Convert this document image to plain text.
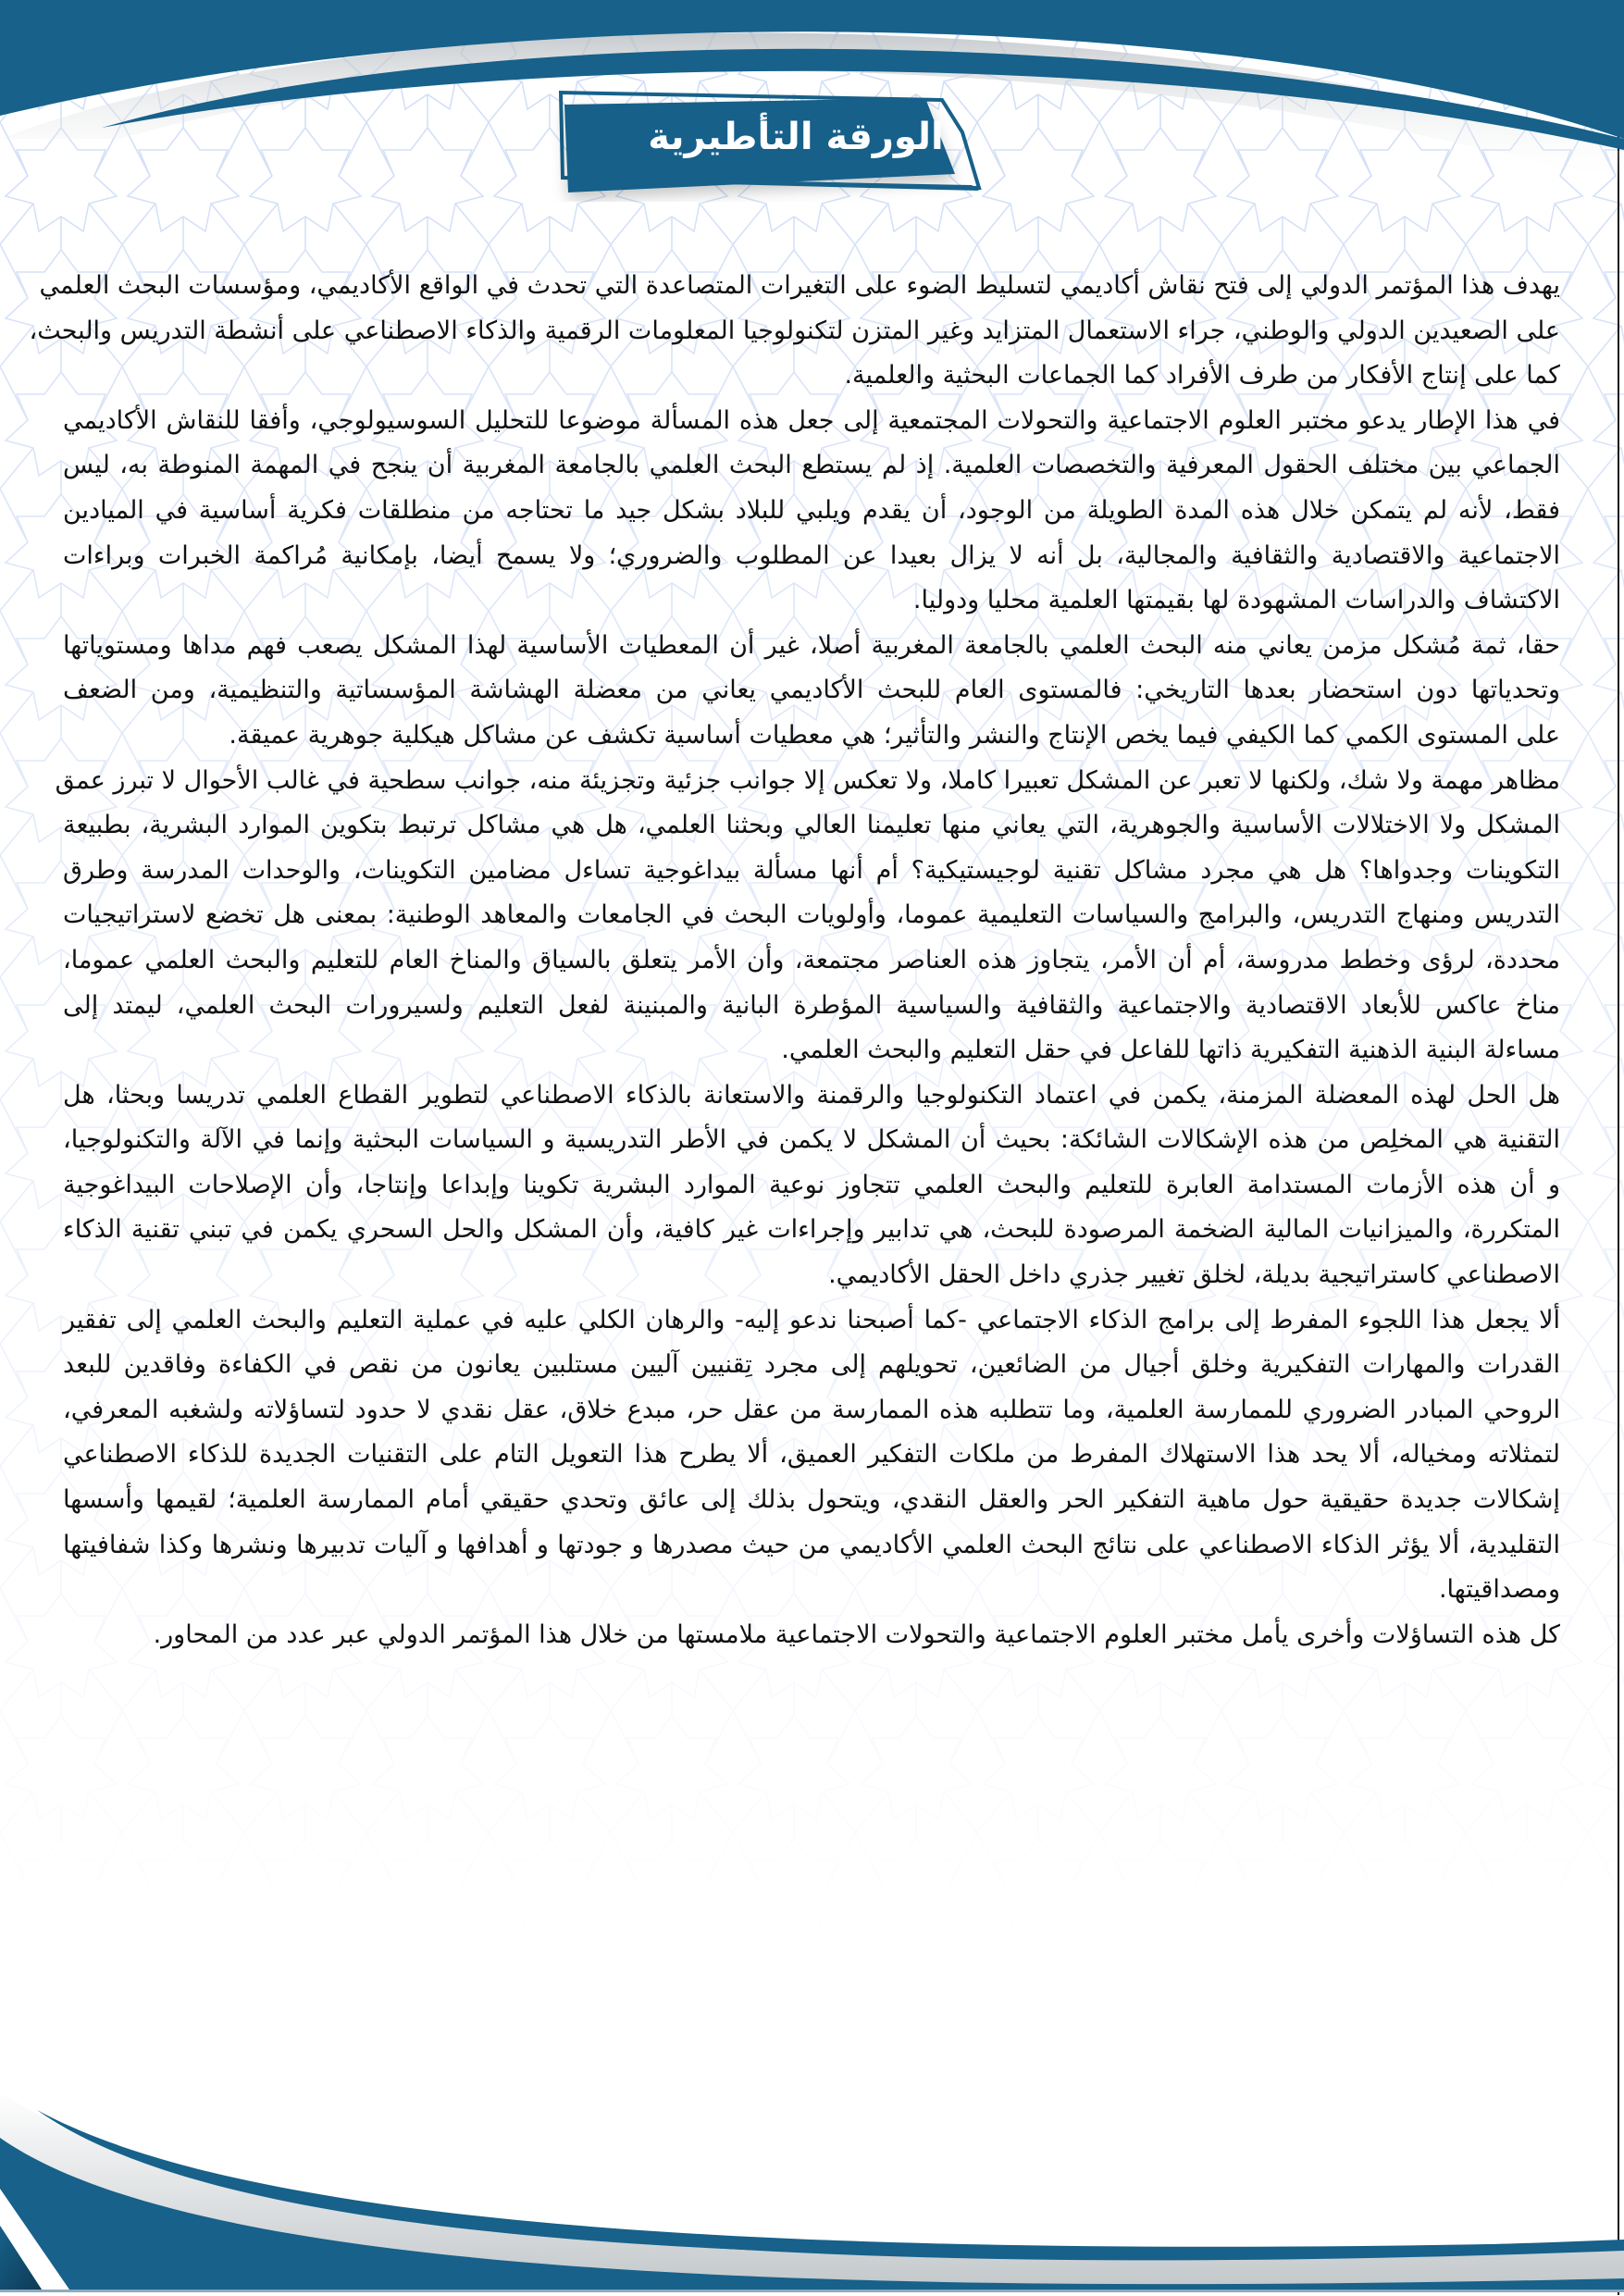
الورقة التأطيرية
يهدف هذا المؤتمر الدولي إلى فتح نقاش أكاديمي لتسليط الضوء على التغيرات المتصاعدة التي تحدث في الواقع الأكاديمي، ومؤسسات البحث العلمي
على الصعيدين الدولي والوطني، جراء الاستعمال المتزايد وغير المتزن لتكنولوجيا المعلومات الرقمية والذكاء الاصطناعي على أنشطة التدريس والبحث،
كما على إنتاج الأفكار من طرف الأفراد كما الجماعات البحثية والعلمية.
في هذا الإطار يدعو مختبر العلوم الاجتماعية والتحولات المجتمعية إلى جعل هذه المسألة موضوعا للتحليل السوسيولوجي، وأفقا للنقاش الأكاديمي
الجماعي بين مختلف الحقول المعرفية والتخصصات العلمية. إذ لم يستطع البحث العلمي بالجامعة المغربية أن ينجح في المهمة المنوطة به، ليس
فقط، لأنه لم يتمكن خلال هذه المدة الطويلة من الوجود، أن يقدم ويلبي للبلاد بشكل جيد ما تحتاجه من منطلقات فكرية أساسية في الميادين
الاجتماعية والاقتصادية والثقافية والمجالية، بل أنه لا يزال بعيدا عن المطلوب والضروري؛ ولا يسمح أيضا، بإمكانية مُراكمة الخبرات وبراءات
الاكتشاف والدراسات المشهودة لها بقيمتها العلمية محليا ودوليا.
حقا، ثمة مُشكل مزمن يعاني منه البحث العلمي بالجامعة المغربية أصلا، غير أن المعطيات الأساسية لهذا المشكل يصعب فهم مداها ومستوياتها
وتحدياتها دون استحضار بعدها التاريخي: فالمستوى العام للبحث الأكاديمي يعاني من معضلة الهشاشة المؤسساتية والتنظيمية، ومن الضعف
على المستوى الكمي كما الكيفي فيما يخص الإنتاج والنشر والتأثير؛ هي معطيات أساسية تكشف عن مشاكل هيكلية جوهرية عميقة.
مظاهر مهمة ولا شك، ولكنها لا تعبر عن المشكل تعبيرا كاملا، ولا تعكس إلا جوانب جزئية وتجزيئة منه، جوانب سطحية في غالب الأحوال لا تبرز عمق
المشكل ولا الاختلالات الأساسية والجوهرية، التي يعاني منها تعليمنا العالي وبحثنا العلمي، هل هي مشاكل ترتبط بتكوين الموارد البشرية، بطبيعة
التكوينات وجدواها؟ هل هي مجرد مشاكل تقنية لوجيستيكية؟ أم أنها مسألة بيداغوجية تساءل مضامين التكوينات، والوحدات المدرسة وطرق
التدريس ومنهاج التدريس، والبرامج والسياسات التعليمية عموما، وأولويات البحث في الجامعات والمعاهد الوطنية: بمعنى هل تخضع لاستراتيجيات
محددة، لرؤى وخطط مدروسة، أم أن الأمر، يتجاوز هذه العناصر مجتمعة، وأن الأمر يتعلق بالسياق والمناخ العام للتعليم والبحث العلمي عموما،
مناخ عاكس للأبعاد الاقتصادية والاجتماعية والثقافية والسياسية المؤطرة البانية والمبنينة لفعل التعليم ولسيرورات البحث العلمي، ليمتد إلى
مساءلة البنية الذهنية التفكيرية ذاتها للفاعل في حقل التعليم والبحث العلمي.
هل الحل لهذه المعضلة المزمنة، يكمن في اعتماد التكنولوجيا والرقمنة والاستعانة بالذكاء الاصطناعي لتطوير القطاع العلمي تدريسا وبحثا، هل
التقنية هي المخلِص من هذه الإشكالات الشائكة: بحيث أن المشكل لا يكمن في الأطر التدريسية و السياسات البحثية وإنما في الآلة والتكنولوجيا،
و أن هذه الأزمات المستدامة العابرة للتعليم والبحث العلمي تتجاوز نوعية الموارد البشرية تكوينا وإبداعا وإنتاجا، وأن الإصلاحات البيداغوجية
المتكررة، والميزانيات المالية الضخمة المرصودة للبحث، هي تدابير وإجراءات غير كافية، وأن المشكل والحل السحري يكمن في تبني تقنية الذكاء
الاصطناعي كاستراتيجية بديلة، لخلق تغيير جذري داخل الحقل الأكاديمي.
ألا يجعل هذا اللجوء المفرط إلى برامج الذكاء الاجتماعي -كما أصبحنا ندعو إليه- والرهان الكلي عليه في عملية التعليم والبحث العلمي إلى تفقير
القدرات والمهارات التفكيرية وخلق أجيال من الضائعين، تحويلهم إلى مجرد تِقنيين آليين مستلبين يعانون من نقص في الكفاءة وفاقدين للبعد
الروحي المبادر الضروري للممارسة العلمية، وما تتطلبه هذه الممارسة من عقل حر، مبدع خلاق، عقل نقدي لا حدود لتساؤلاته ولشغبه المعرفي،
لتمثلاته ومخياله، ألا يحد هذا الاستهلاك المفرط من ملكات التفكير العميق، ألا يطرح هذا التعويل التام على التقنيات الجديدة للذكاء الاصطناعي
إشكالات جديدة حقيقية حول ماهية التفكير الحر والعقل النقدي، ويتحول بذلك إلى عائق وتحدي حقيقي أمام الممارسة العلمية؛ لقيمها وأسسها
التقليدية، ألا يؤثر الذكاء الاصطناعي على نتائج البحث العلمي الأكاديمي من حيث مصدرها و جودتها و أهدافها و آليات تدبيرها ونشرها وكذا شفافيتها
ومصداقيتها.
كل هذه التساؤلات وأخرى يأمل مختبر العلوم الاجتماعية والتحولات الاجتماعية ملامستها من خلال هذا المؤتمر الدولي عبر عدد من المحاور.
